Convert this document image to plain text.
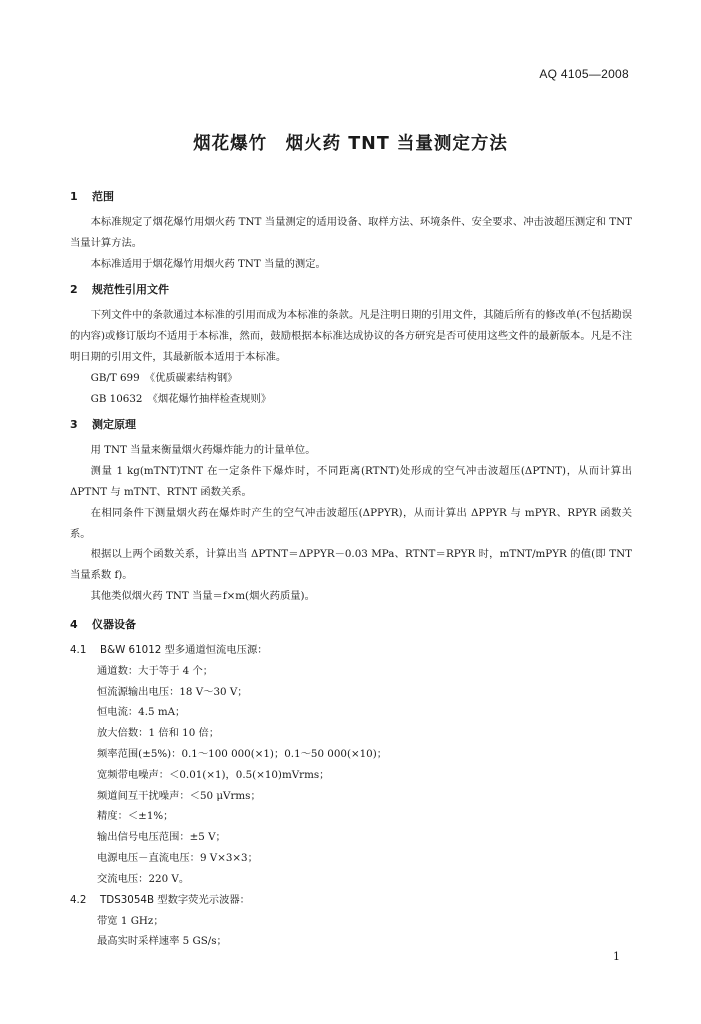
AQ 4105—2008
烟花爆竹　烟火药 TNT 当量测定方法
1 范围

本标准规定了烟花爆竹用烟火药 TNT 当量测定的适用设备、取样方法、环境条件、安全要求、冲击波超压测定和 TNT 当量计算方法。

本标准适用于烟花爆竹用烟火药 TNT 当量的测定。

2 规范性引用文件

下列文件中的条款通过本标准的引用而成为本标准的条款。凡是注明日期的引用文件，其随后所有的修改单(不包括勘误的内容)或修订版均不适用于本标准，然而，鼓励根据本标准达成协议的各方研究是否可使用这些文件的最新版本。凡是不注明日期的引用文件，其最新版本适用于本标准。

GB/T 699　《优质碳素结构钢》

GB 10632　《烟花爆竹抽样检查规则》

3 测定原理

用 TNT 当量来衡量烟火药爆炸能力的计量单位。

测量 1 kg(mTNT)TNT 在一定条件下爆炸时，不同距离(RTNT)处形成的空气冲击波超压(ΔPTNT)，从而计算出 ΔPTNT 与 mTNT、RTNT 函数关系。

在相同条件下测量烟火药在爆炸时产生的空气冲击波超压(ΔPPYR)，从而计算出 ΔPPYR 与 mPYR、RPYR 函数关系。

根据以上两个函数关系，计算出当 ΔPTNT＝ΔPPYR－0.03 MPa、RTNT＝RPYR 时，mTNT/mPYR 的值(即 TNT 当量系数 f)。

其他类似烟火药 TNT 当量＝f×m(烟火药质量)。

4 仪器设备
4.1 B&W 61012 型多通道恒流电压源：
通道数：大于等于 4 个；
恒流源输出电压：18 V～30 V；
恒电流：4.5 mA；
放大倍数：1 倍和 10 倍；
频率范围(±5%)：0.1～100 000(×1)；0.1～50 000(×10)；
宽频带电噪声：＜0.01(×1)，0.5(×10)mVrms；
频道间互干扰噪声：＜50 μVrms；
精度：＜±1%；
输出信号电压范围：±5 V；
电源电压－直流电压：9 V×3×3；
交流电压：220 V。
4.2 TDS3054B 型数字荧光示波器：
带宽 1 GHz；
最高实时采样速率 5 GS/s；
1
